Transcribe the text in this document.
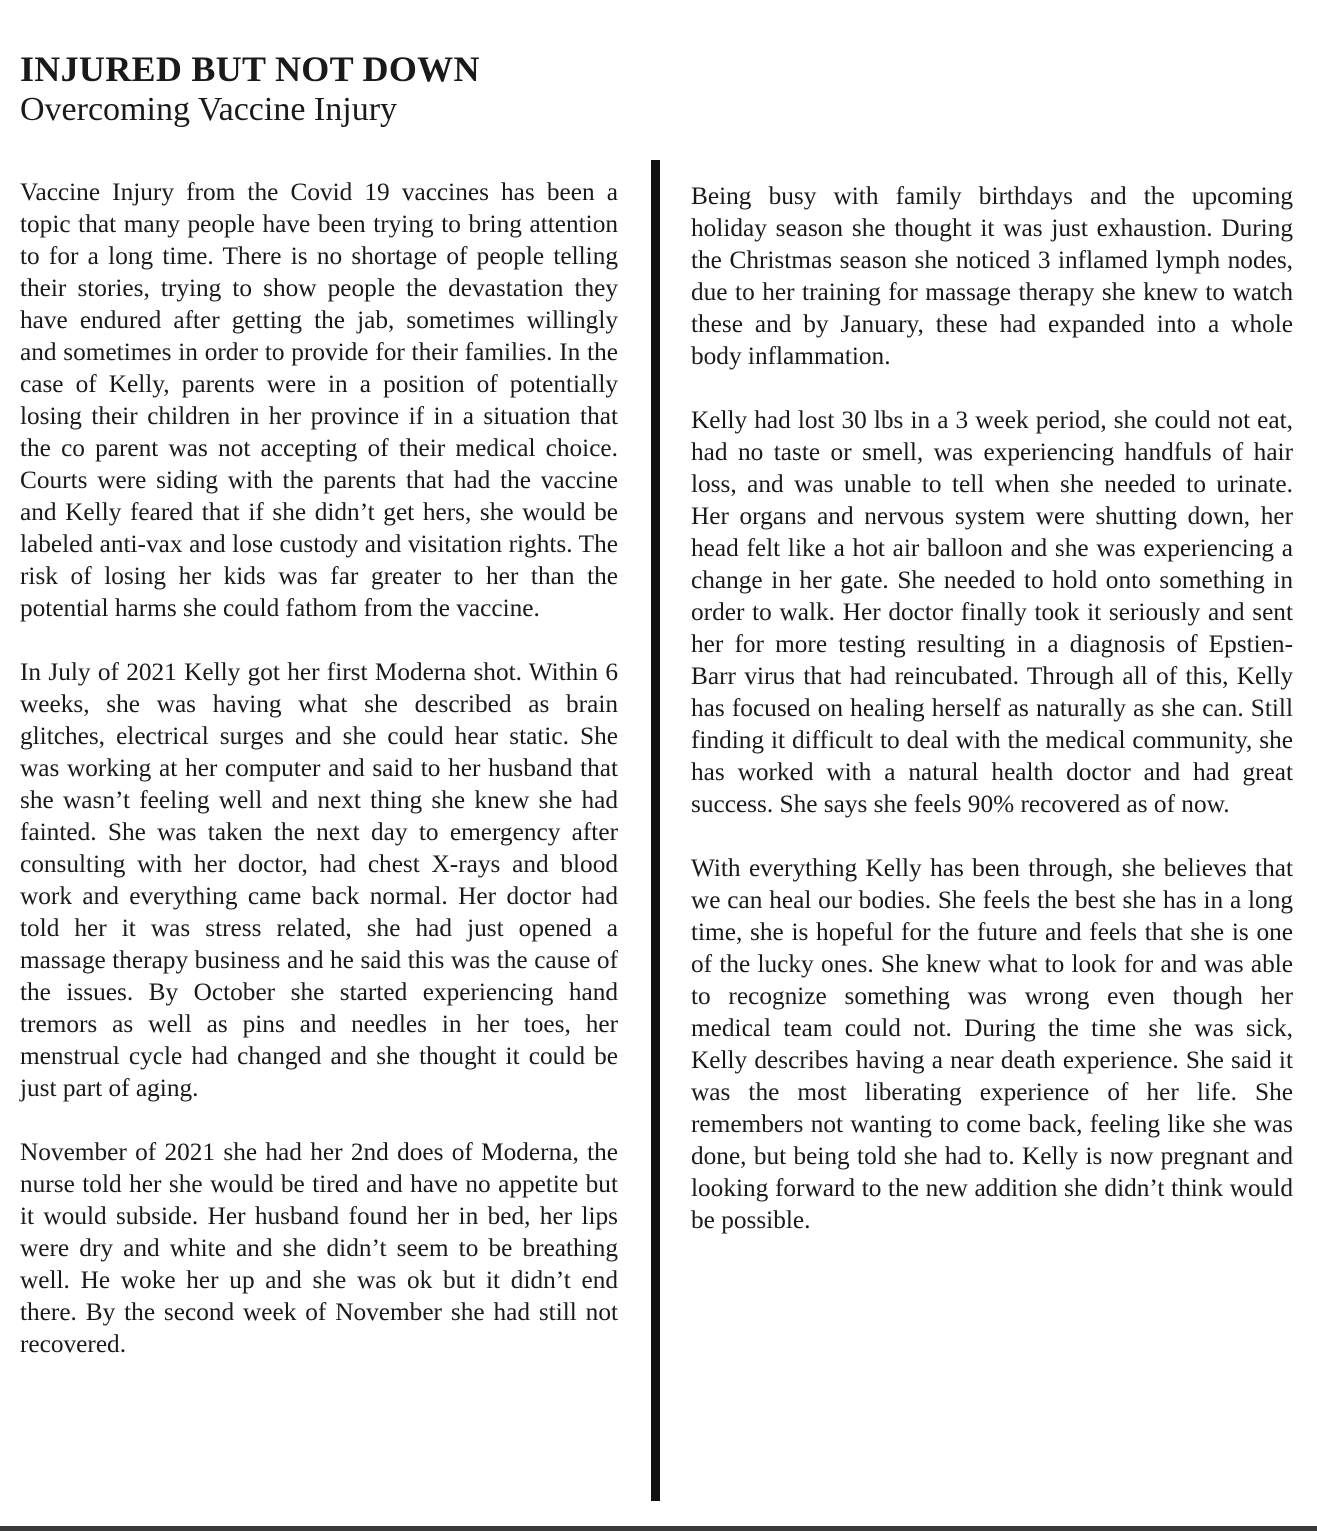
INJURED BUT NOT DOWN
Overcoming Vaccine Injury

Vaccine Injury from the Covid 19 vaccines has been a topic that many people have been trying to bring attention to for a long time. There is no shortage of people telling their stories, trying to show people the devastation they have endured after getting the jab, sometimes willingly and sometimes in order to provide for their families. In the case of Kelly, parents were in a position of potentially losing their children in her province if in a situation that the co parent was not accepting of their medical choice. Courts were siding with the parents that had the vaccine and Kelly feared that if she didn’t get hers, she would be labeled anti-vax and lose custody and visitation rights. The risk of losing her kids was far greater to her than the potential harms she could fathom from the vaccine.

In July of 2021 Kelly got her first Moderna shot. Within 6 weeks, she was having what she described as brain glitches, electrical surges and she could hear static. She was working at her computer and said to her husband that she wasn’t feeling well and next thing she knew she had fainted. She was taken the next day to emergency after consulting with her doctor, had chest X-rays and blood work and everything came back normal. Her doctor had told her it was stress related, she had just opened a massage therapy business and he said this was the cause of the issues. By October she started experiencing hand tremors as well as pins and needles in her toes, her menstrual cycle had changed and she thought it could be just part of aging.

November of 2021 she had her 2nd does of Moderna, the nurse told her she would be tired and have no appetite but it would subside. Her husband found her in bed, her lips were dry and white and she didn’t seem to be breathing well. He woke her up and she was ok but it didn’t end there. By the second week of November she had still not recovered.

Being busy with family birthdays and the upcoming holiday season she thought it was just exhaustion. During the Christmas season she noticed 3 inflamed lymph nodes, due to her training for massage therapy she knew to watch these and by January, these had expanded into a whole body inflammation.

Kelly had lost 30 lbs in a 3 week period, she could not eat, had no taste or smell, was experiencing handfuls of hair loss, and was unable to tell when she needed to urinate. Her organs and nervous system were shutting down, her head felt like a hot air balloon and she was experiencing a change in her gate. She needed to hold onto something in order to walk. Her doctor finally took it seriously and sent her for more testing resulting in a diagnosis of Epstien-Barr virus that had reincubated. Through all of this, Kelly has focused on healing herself as naturally as she can. Still finding it difficult to deal with the medical community, she has worked with a natural health doctor and had great success. She says she feels 90% recovered as of now.

With everything Kelly has been through, she believes that we can heal our bodies. She feels the best she has in a long time, she is hopeful for the future and feels that she is one of the lucky ones. She knew what to look for and was able to recognize something was wrong even though her medical team could not. During the time she was sick, Kelly describes having a near death experience. She said it was the most liberating experience of her life. She remembers not wanting to come back, feeling like she was done, but being told she had to. Kelly is now pregnant and looking forward to the new addition she didn’t think would be possible.
